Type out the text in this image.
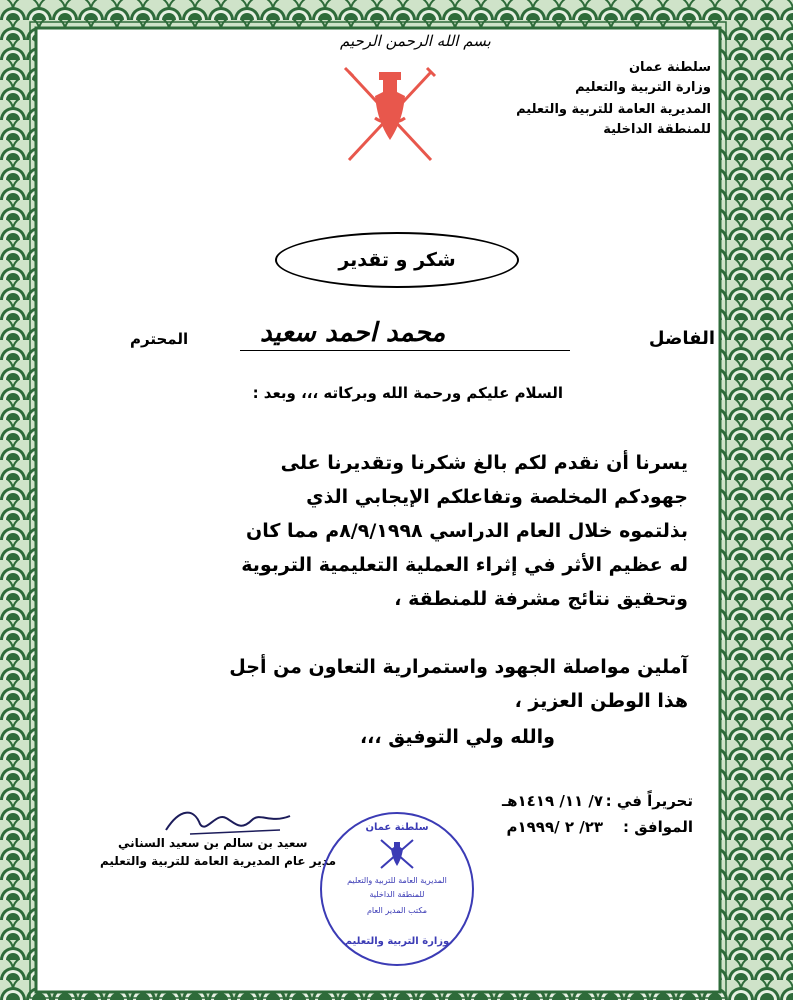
بسم الله الرحمن الرحيم
سلطنة عمان
وزارة التربية والتعليم
المديرية العامة للتربية والتعليم
للمنطقة الداخلية
شكر و تقدير
الفاضل
محمد احمد سعيد
المحترم
السلام عليكم ورحمة الله وبركاته ،،، وبعد :
يسرنا أن نقدم لكم بالغ شكرنا وتقديرنا على
جهودكم المخلصة وتفاعلكم الإيجابي الذي
بذلتموه خلال العام الدراسي ٨/٩/١٩٩٨م مما كان
له عظيم الأثر في إثراء العملية التعليمية التربوية
وتحقيق نتائج مشرفة للمنطقة ،
آملين مواصلة الجهود واستمرارية التعاون من أجل
هذا الوطن العزيز ،
والله ولي التوفيق ،،،
تحريراً في :
٧/ ١١/ ١٤١٩هـ
الموافق :
٢٣/ ٢ /١٩٩٩م
سعيد بن سالم بن سعيد السناني
مدير عام المديرية العامة للتربية والتعليم
سلطنة عمان
المديرية العامة للتربية والتعليم
للمنطقة الداخلية
مكتب المدير العام
وزارة التربية والتعليم
